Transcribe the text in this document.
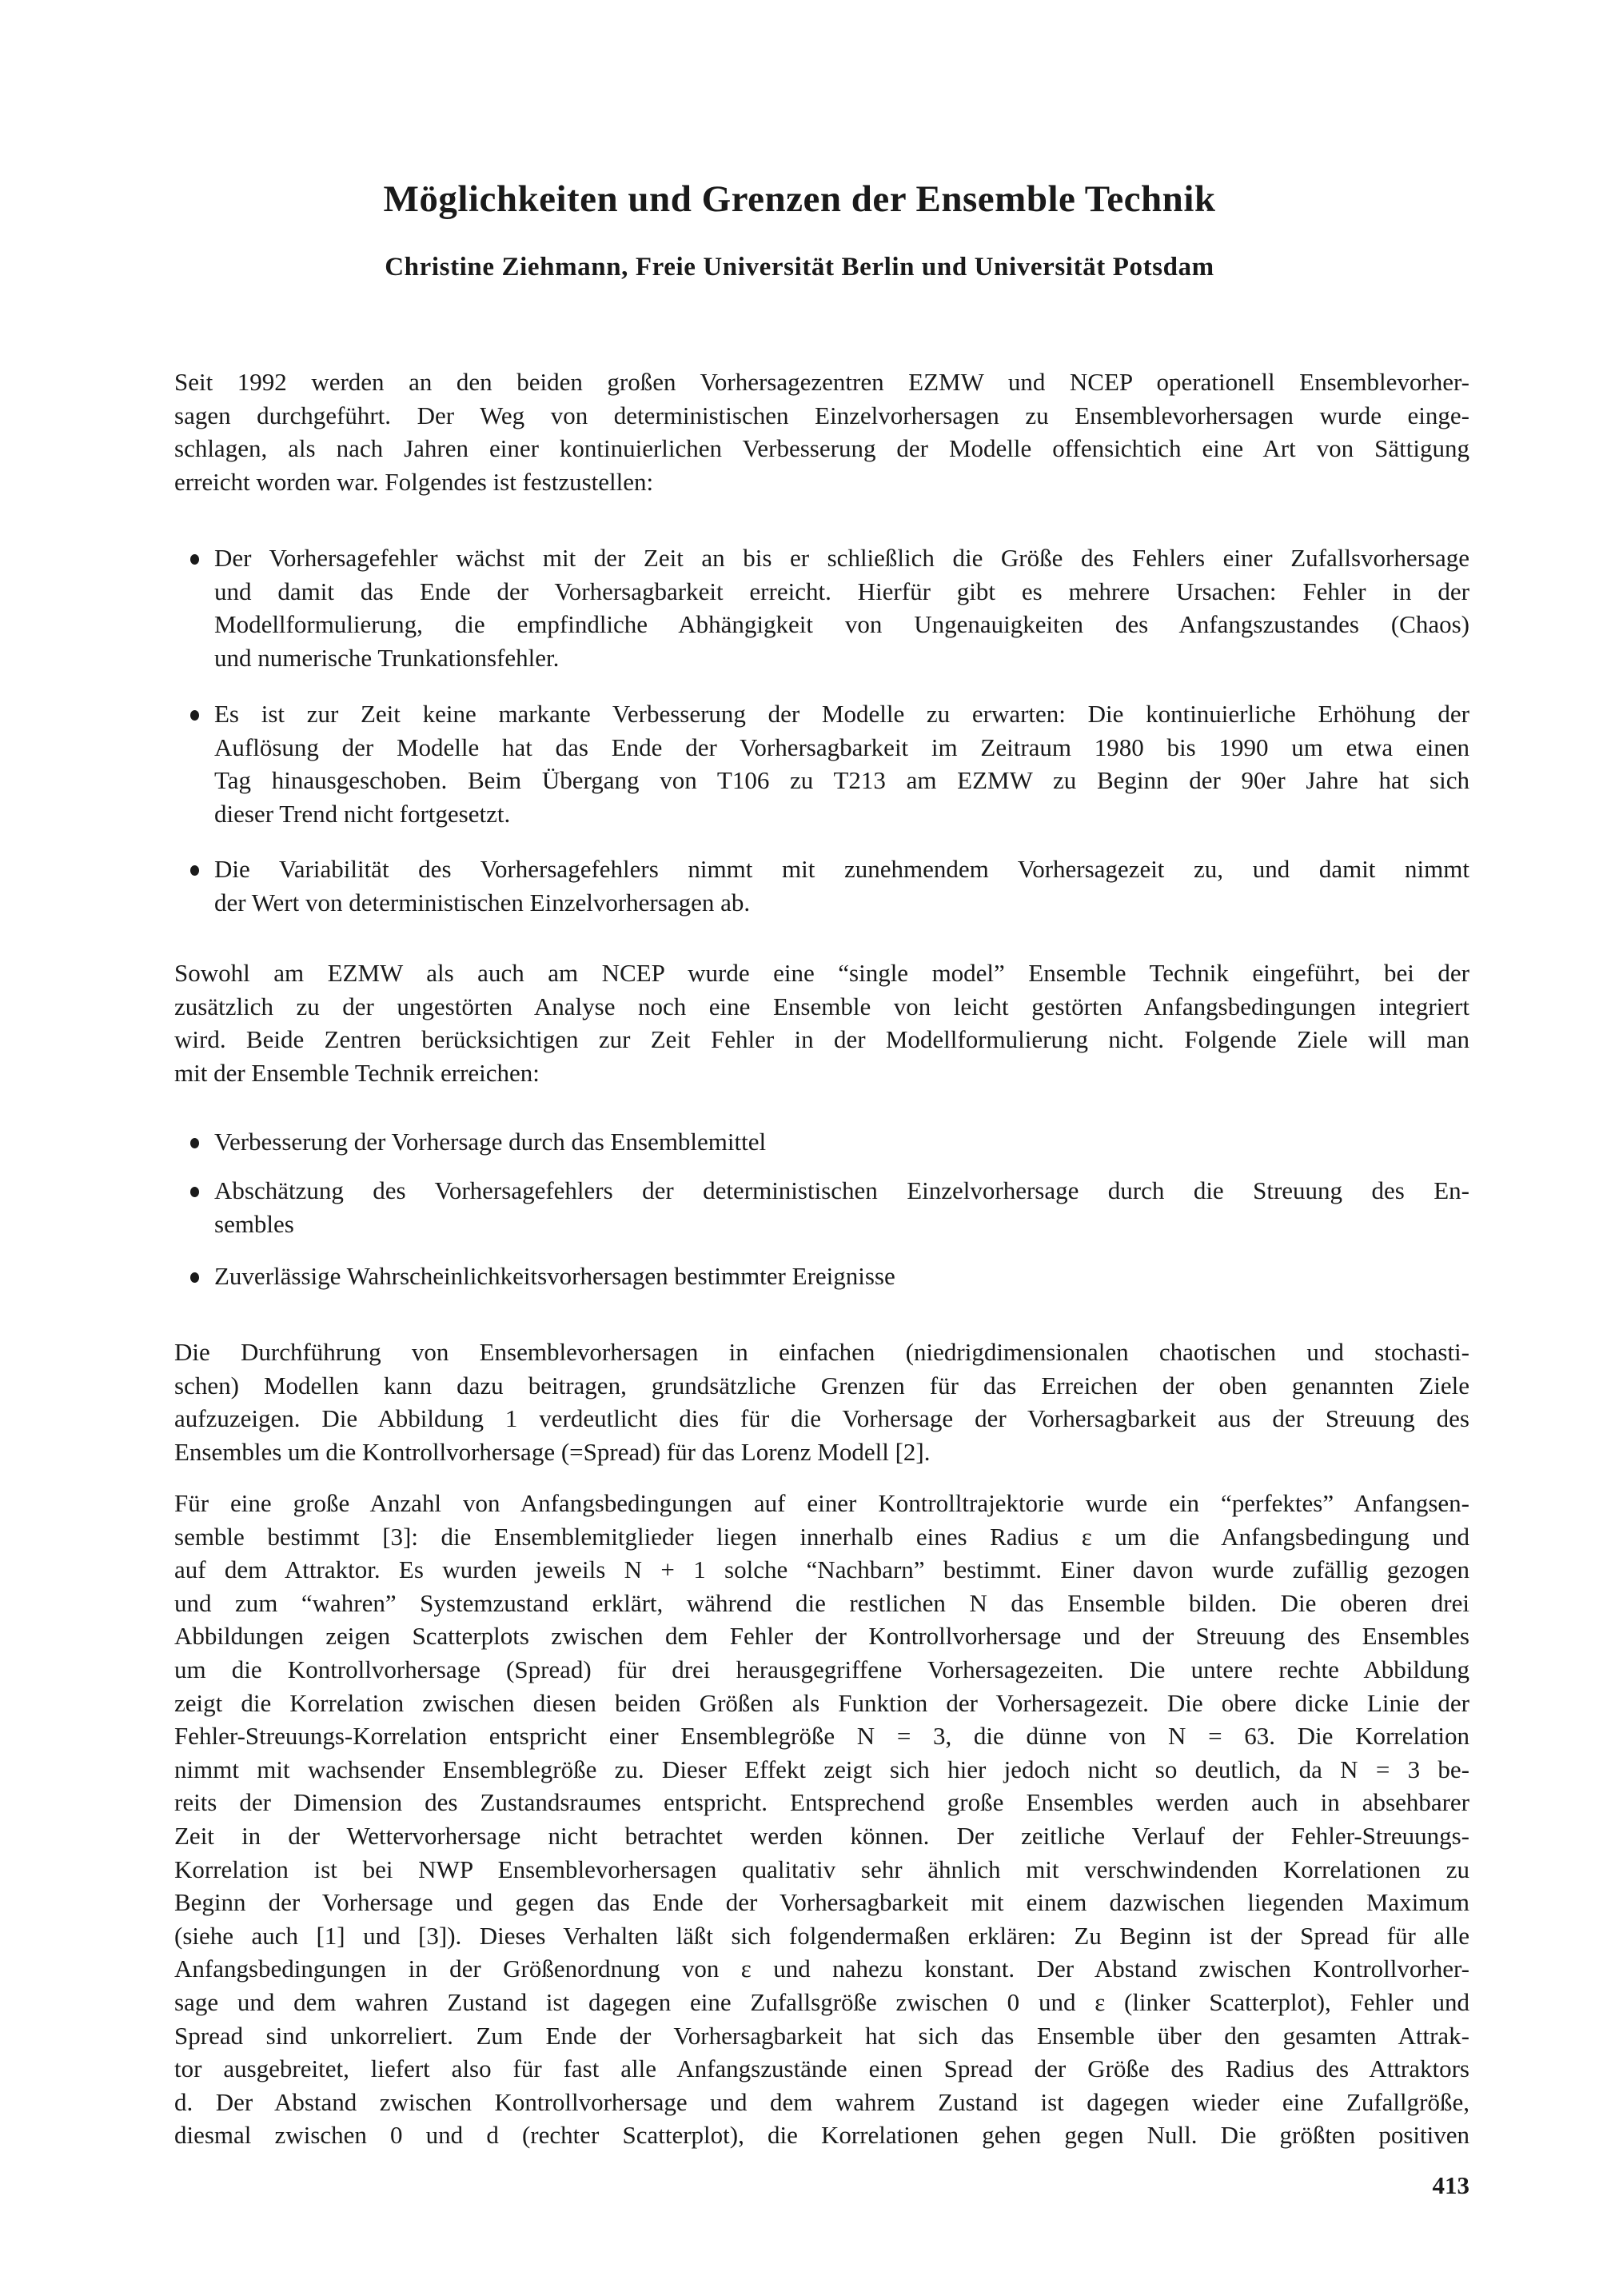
Möglichkeiten und Grenzen der Ensemble Technik
Christine Ziehmann, Freie Universität Berlin und Universität Potsdam
Seit 1992 werden an den beiden großen Vorhersagezentren EZMW und NCEP operationell Ensemblevorher-
sagen durchgeführt. Der Weg von deterministischen Einzelvorhersagen zu Ensemblevorhersagen wurde einge-
schlagen, als nach Jahren einer kontinuierlichen Verbesserung der Modelle offensichtich eine Art von Sättigung
erreicht worden war. Folgendes ist festzustellen:
Der Vorhersagefehler wächst mit der Zeit an bis er schließlich die Größe des Fehlers einer Zufallsvorhersage
und damit das Ende der Vorhersagbarkeit erreicht. Hierfür gibt es mehrere Ursachen: Fehler in der
Modellformulierung, die empfindliche Abhängigkeit von Ungenauigkeiten des Anfangszustandes (Chaos)
und numerische Trunkationsfehler.
Es ist zur Zeit keine markante Verbesserung der Modelle zu erwarten: Die kontinuierliche Erhöhung der
Auflösung der Modelle hat das Ende der Vorhersagbarkeit im Zeitraum 1980 bis 1990 um etwa einen
Tag hinausgeschoben. Beim Übergang von T106 zu T213 am EZMW zu Beginn der 90er Jahre hat sich
dieser Trend nicht fortgesetzt.
Die Variabilität des Vorhersagefehlers nimmt mit zunehmendem Vorhersagezeit zu, und damit nimmt
der Wert von deterministischen Einzelvorhersagen ab.
Sowohl am EZMW als auch am NCEP wurde eine “single model” Ensemble Technik eingeführt, bei der
zusätzlich zu der ungestörten Analyse noch eine Ensemble von leicht gestörten Anfangsbedingungen integriert
wird. Beide Zentren berücksichtigen zur Zeit Fehler in der Modellformulierung nicht. Folgende Ziele will man
mit der Ensemble Technik erreichen:
Verbesserung der Vorhersage durch das Ensemblemittel
Abschätzung des Vorhersagefehlers der deterministischen Einzelvorhersage durch die Streuung des En-
sembles
Zuverlässige Wahrscheinlichkeitsvorhersagen bestimmter Ereignisse
Die Durchführung von Ensemblevorhersagen in einfachen (niedrigdimensionalen chaotischen und stochasti-
schen) Modellen kann dazu beitragen, grundsätzliche Grenzen für das Erreichen der oben genannten Ziele
aufzuzeigen. Die Abbildung 1 verdeutlicht dies für die Vorhersage der Vorhersagbarkeit aus der Streuung des
Ensembles um die Kontrollvorhersage (=Spread) für das Lorenz Modell [2].
Für eine große Anzahl von Anfangsbedingungen auf einer Kontrolltrajektorie wurde ein “perfektes” Anfangsen-
semble bestimmt [3]: die Ensemblemitglieder liegen innerhalb eines Radius ε um die Anfangsbedingung und
auf dem Attraktor. Es wurden jeweils N + 1 solche “Nachbarn” bestimmt. Einer davon wurde zufällig gezogen
und zum “wahren” Systemzustand erklärt, während die restlichen N das Ensemble bilden. Die oberen drei
Abbildungen zeigen Scatterplots zwischen dem Fehler der Kontrollvorhersage und der Streuung des Ensembles
um die Kontrollvorhersage (Spread) für drei herausgegriffene Vorhersagezeiten. Die untere rechte Abbildung
zeigt die Korrelation zwischen diesen beiden Größen als Funktion der Vorhersagezeit. Die obere dicke Linie der
Fehler-Streuungs-Korrelation entspricht einer Ensemblegröße N = 3, die dünne von N = 63. Die Korrelation
nimmt mit wachsender Ensemblegröße zu. Dieser Effekt zeigt sich hier jedoch nicht so deutlich, da N = 3 be-
reits der Dimension des Zustandsraumes entspricht. Entsprechend große Ensembles werden auch in absehbarer
Zeit in der Wettervorhersage nicht betrachtet werden können. Der zeitliche Verlauf der Fehler-Streuungs-
Korrelation ist bei NWP Ensemblevorhersagen qualitativ sehr ähnlich mit verschwindenden Korrelationen zu
Beginn der Vorhersage und gegen das Ende der Vorhersagbarkeit mit einem dazwischen liegenden Maximum
(siehe auch [1] und [3]). Dieses Verhalten läßt sich folgendermaßen erklären: Zu Beginn ist der Spread für alle
Anfangsbedingungen in der Größenordnung von ε und nahezu konstant. Der Abstand zwischen Kontrollvorher-
sage und dem wahren Zustand ist dagegen eine Zufallsgröße zwischen 0 und ε (linker Scatterplot), Fehler und
Spread sind unkorreliert. Zum Ende der Vorhersagbarkeit hat sich das Ensemble über den gesamten Attrak-
tor ausgebreitet, liefert also für fast alle Anfangszustände einen Spread der Größe des Radius des Attraktors
d. Der Abstand zwischen Kontrollvorhersage und dem wahrem Zustand ist dagegen wieder eine Zufallgröße,
diesmal zwischen 0 und d (rechter Scatterplot), die Korrelationen gehen gegen Null. Die größten positiven
413
